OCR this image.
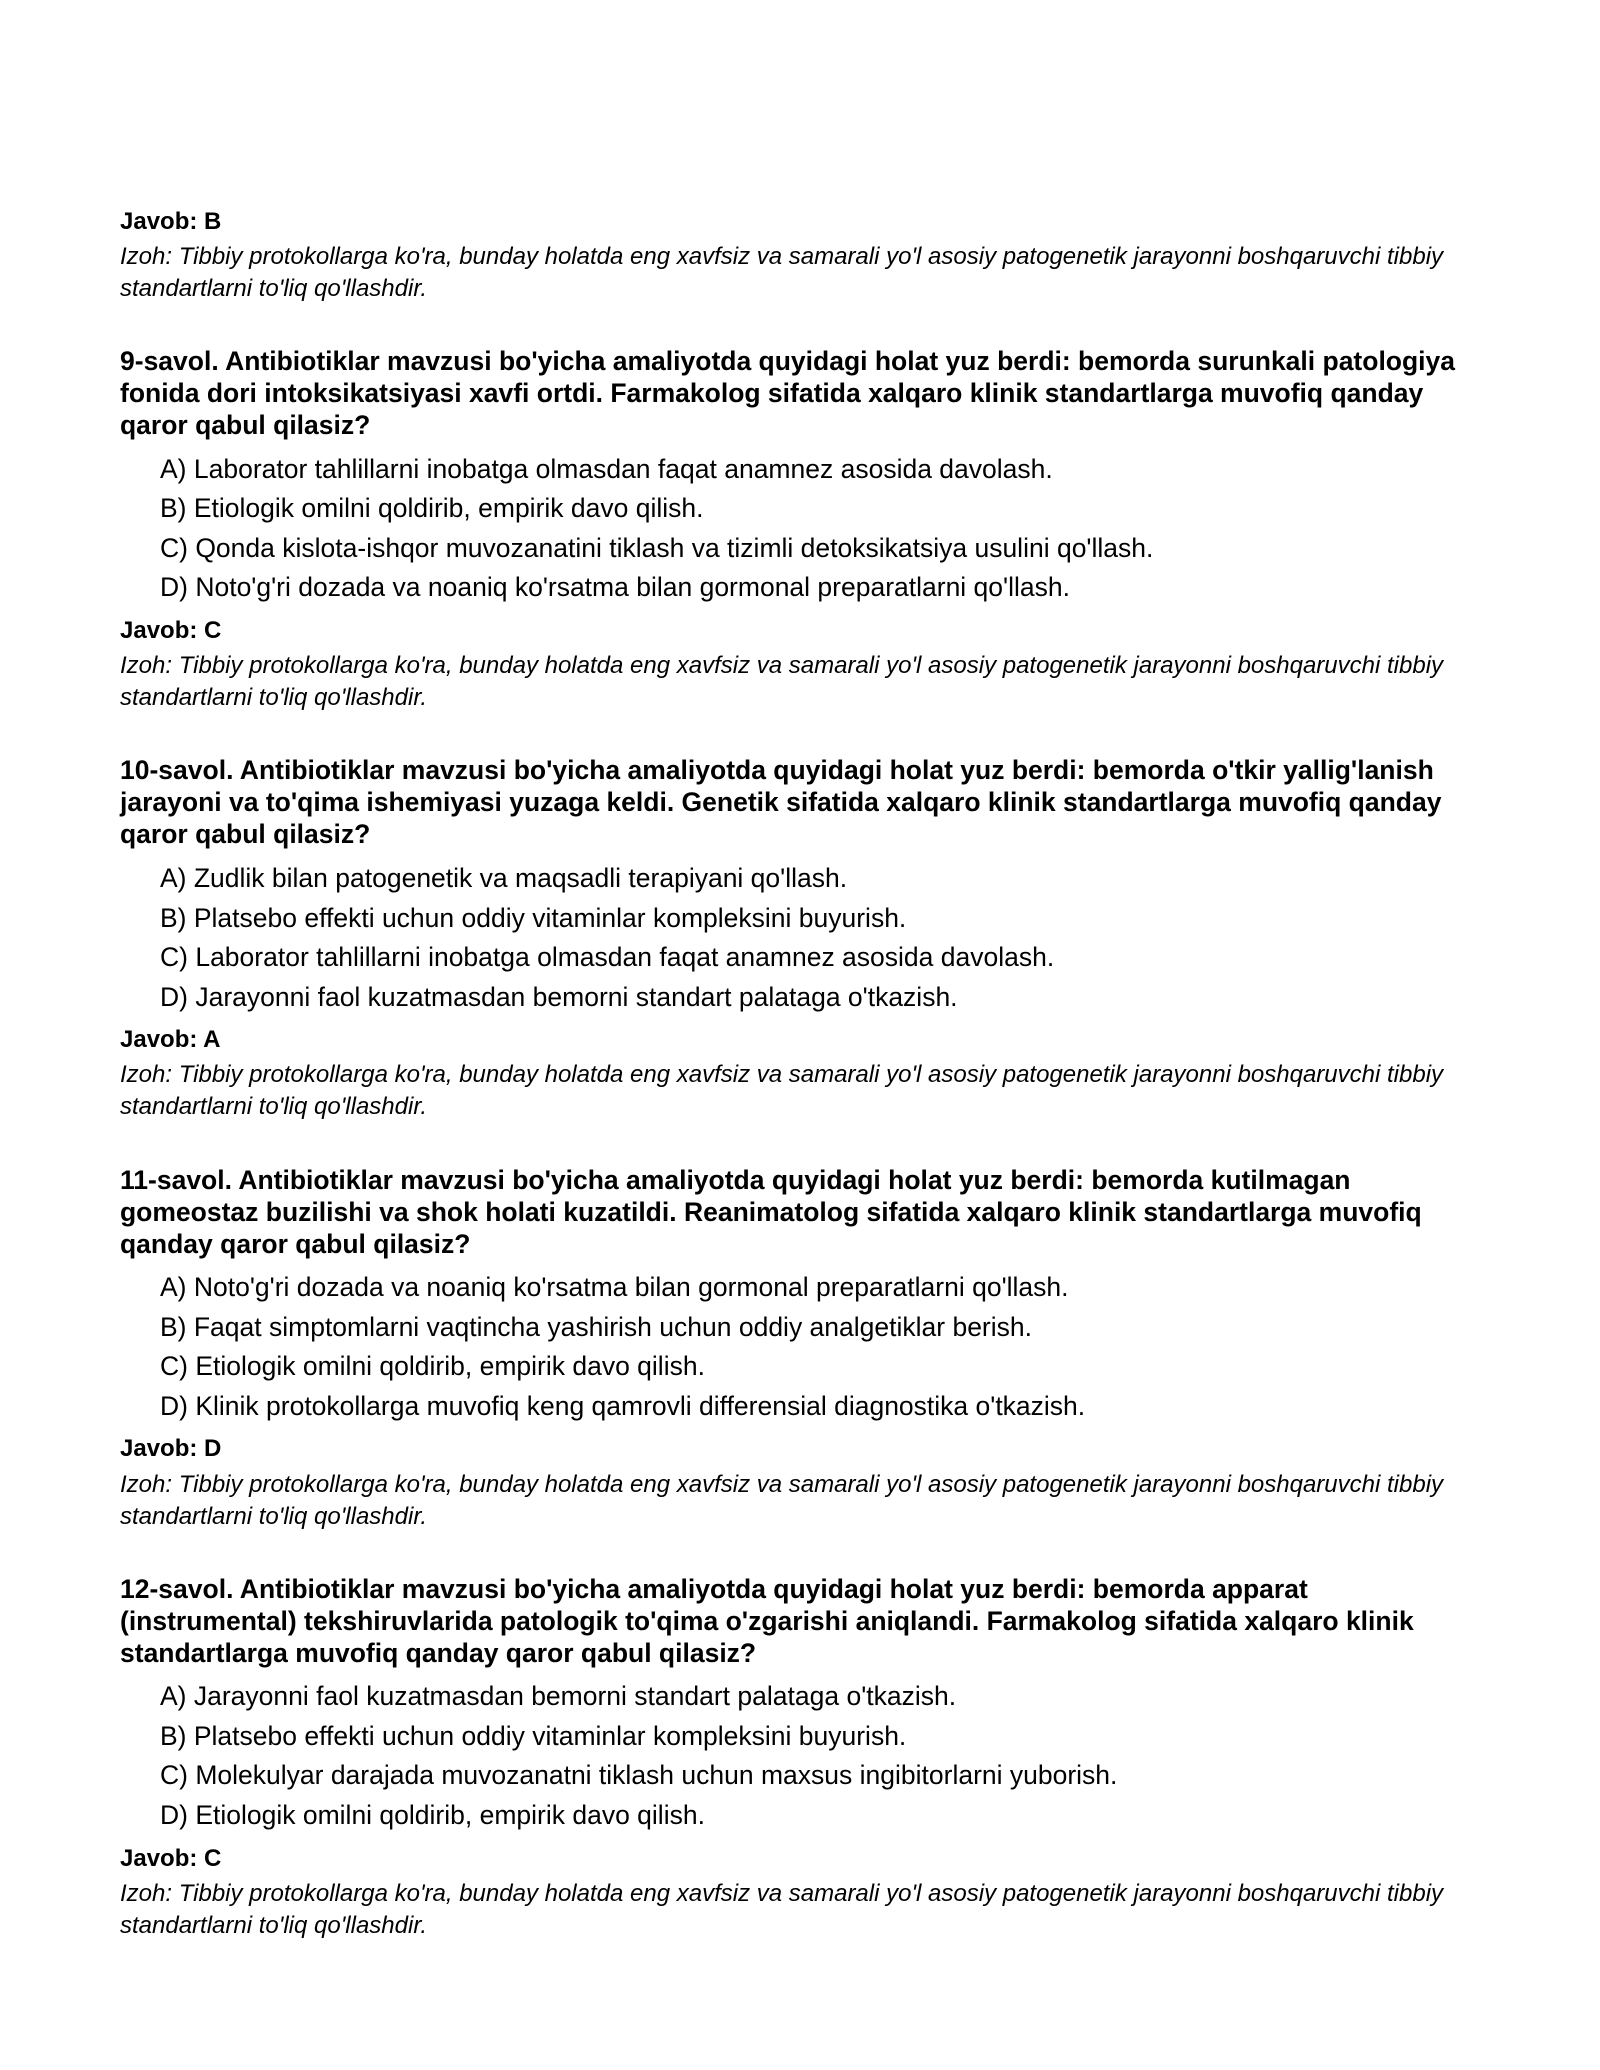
Javob: B
Izoh: Tibbiy protokollarga ko'ra, bunday holatda eng xavfsiz va samarali yo'l asosiy patogenetik jarayonni boshqaruvchi tibbiy standartlarni to'liq qo'llashdir.
9-savol. Antibiotiklar mavzusi bo'yicha amaliyotda quyidagi holat yuz berdi: bemorda surunkali patologiya fonida dori intoksikatsiyasi xavfi ortdi. Farmakolog sifatida xalqaro klinik standartlarga muvofiq qanday qaror qabul qilasiz?
A) Laborator tahlillarni inobatga olmasdan faqat anamnez asosida davolash.
B) Etiologik omilni qoldirib, empirik davo qilish.
C) Qonda kislota-ishqor muvozanatini tiklash va tizimli detoksikatsiya usulini qo'llash.
D) Noto'g'ri dozada va noaniq ko'rsatma bilan gormonal preparatlarni qo'llash.
Javob: C
Izoh: Tibbiy protokollarga ko'ra, bunday holatda eng xavfsiz va samarali yo'l asosiy patogenetik jarayonni boshqaruvchi tibbiy standartlarni to'liq qo'llashdir.
10-savol. Antibiotiklar mavzusi bo'yicha amaliyotda quyidagi holat yuz berdi: bemorda o'tkir yallig'lanish jarayoni va to'qima ishemiyasi yuzaga keldi. Genetik sifatida xalqaro klinik standartlarga muvofiq qanday qaror qabul qilasiz?
A) Zudlik bilan patogenetik va maqsadli terapiyani qo'llash.
B) Platsebo effekti uchun oddiy vitaminlar kompleksini buyurish.
C) Laborator tahlillarni inobatga olmasdan faqat anamnez asosida davolash.
D) Jarayonni faol kuzatmasdan bemorni standart palataga o'tkazish.
Javob: A
Izoh: Tibbiy protokollarga ko'ra, bunday holatda eng xavfsiz va samarali yo'l asosiy patogenetik jarayonni boshqaruvchi tibbiy standartlarni to'liq qo'llashdir.
11-savol. Antibiotiklar mavzusi bo'yicha amaliyotda quyidagi holat yuz berdi: bemorda kutilmagan gomeostaz buzilishi va shok holati kuzatildi. Reanimatolog sifatida xalqaro klinik standartlarga muvofiq qanday qaror qabul qilasiz?
A) Noto'g'ri dozada va noaniq ko'rsatma bilan gormonal preparatlarni qo'llash.
B) Faqat simptomlarni vaqtincha yashirish uchun oddiy analgetiklar berish.
C) Etiologik omilni qoldirib, empirik davo qilish.
D) Klinik protokollarga muvofiq keng qamrovli differensial diagnostika o'tkazish.
Javob: D
Izoh: Tibbiy protokollarga ko'ra, bunday holatda eng xavfsiz va samarali yo'l asosiy patogenetik jarayonni boshqaruvchi tibbiy standartlarni to'liq qo'llashdir.
12-savol. Antibiotiklar mavzusi bo'yicha amaliyotda quyidagi holat yuz berdi: bemorda apparat (instrumental) tekshiruvlarida patologik to'qima o'zgarishi aniqlandi. Farmakolog sifatida xalqaro klinik standartlarga muvofiq qanday qaror qabul qilasiz?
A) Jarayonni faol kuzatmasdan bemorni standart palataga o'tkazish.
B) Platsebo effekti uchun oddiy vitaminlar kompleksini buyurish.
C) Molekulyar darajada muvozanatni tiklash uchun maxsus ingibitorlarni yuborish.
D) Etiologik omilni qoldirib, empirik davo qilish.
Javob: C
Izoh: Tibbiy protokollarga ko'ra, bunday holatda eng xavfsiz va samarali yo'l asosiy patogenetik jarayonni boshqaruvchi tibbiy standartlarni to'liq qo'llashdir.
